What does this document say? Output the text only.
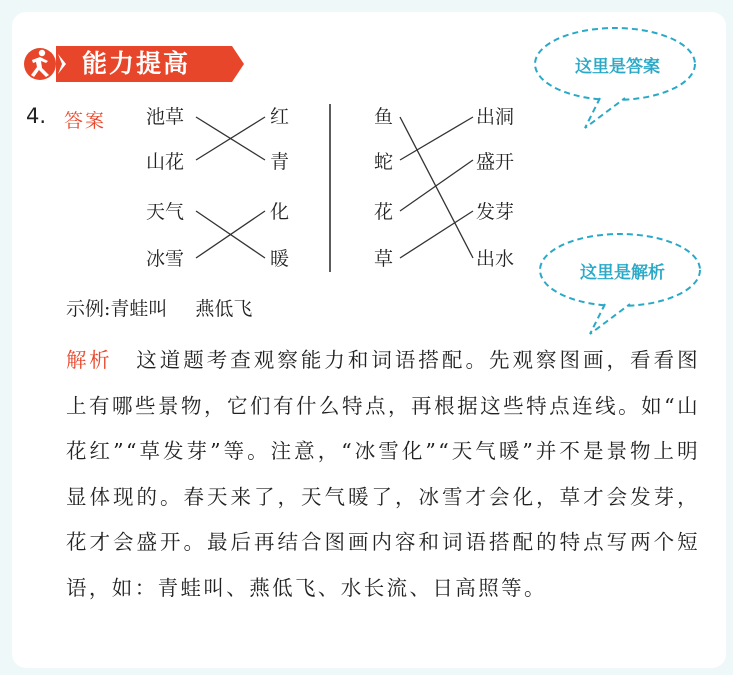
能力提高	这里是答案
这里是解析
4. 答案 池草
山花
天气
冰雪
红
青
化
暖
鱼
蛇
花
草
出洞
盛开
发芽
出水
示例:青蛙叫 燕低飞
解析 这道题考查观察能力和词语搭配。先观察图画，看看图上有哪些景物，它们有什么特点，再根据这些特点连线。如“山花红”“草发芽”等。注意，“冰雪化”“天气暖”并不是景物上明显体现的。春天来了，天气暖了，冰雪才会化，草才会发芽，花才会盛开。最后再结合图画内容和词语搭配的特点写两个短语，如：青蛙叫、燕低飞、水长流、日高照等。
